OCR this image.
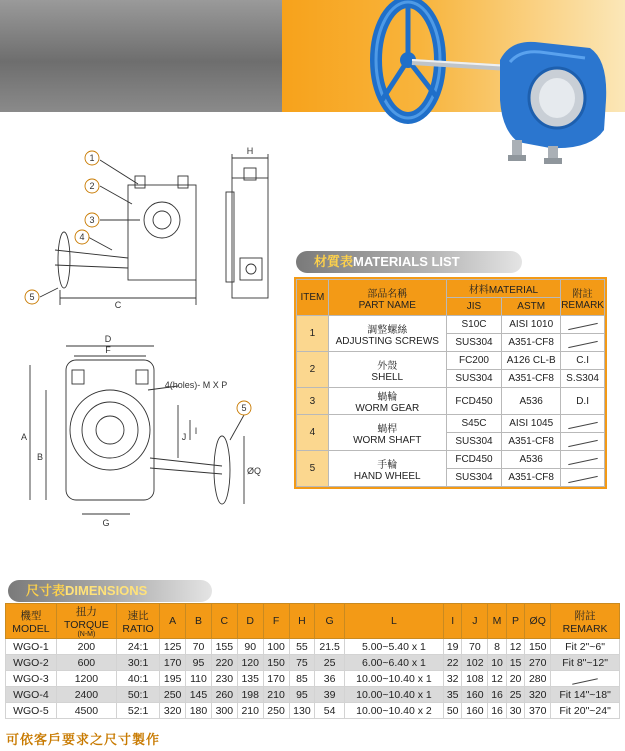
1
2
3
4
5
5
H
C
D
F
4(holes)- M X P
A
B
I
J
G
ØQ
材質表MATERIALS LIST
ITEM	部品名稱
PART NAME	材料MATERIAL		附註
REMARK
		JIS	ASTM	
1	調整螺絲
ADJUSTING SCREWS	S10C	AISI 1010	
		SUS304	A351-CF8	
2	外殼
SHELL	FC200	A126 CL-B	C.I
		SUS304	A351-CF8	S.S304
3	蝸輪
WORM GEAR	FCD450	A536	D.I
4	蝸桿
WORM SHAFT	S45C	AISI 1045	
		SUS304	A351-CF8	
5	手輪
HAND WHEEL	FCD450	A536	
		SUS304	A351-CF8	
尺寸表DIMENSIONS
機型
MODEL	扭力
TORQUE
(N-M)	速比
RATIO	A	B	C	D	F	H	G	L	I	J	M	P	ØQ	附註
REMARK
WGO-1	200	24:1	125	70	155	90	100	55	21.5	5.00~5.40 x 1	19	70	8	12	150	Fit 2"~6"
WGO-2	600	30:1	170	95	220	120	150	75	25	6.00~6.40 x 1	22	102	10	15	270	Fit 8"~12"
WGO-3	1200	40:1	195	110	230	135	170	85	36	10.00~10.40 x 1	32	108	12	20	280	
WGO-4	2400	50:1	250	145	260	198	210	95	39	10.00~10.40 x 1	35	160	16	25	320	Fit 14"~18"
WGO-5	4500	52:1	320	180	300	210	250	130	54	10.00~10.40 x 2	50	160	16	30	370	Fit 20"~24"
可依客戶要求之尺寸製作
